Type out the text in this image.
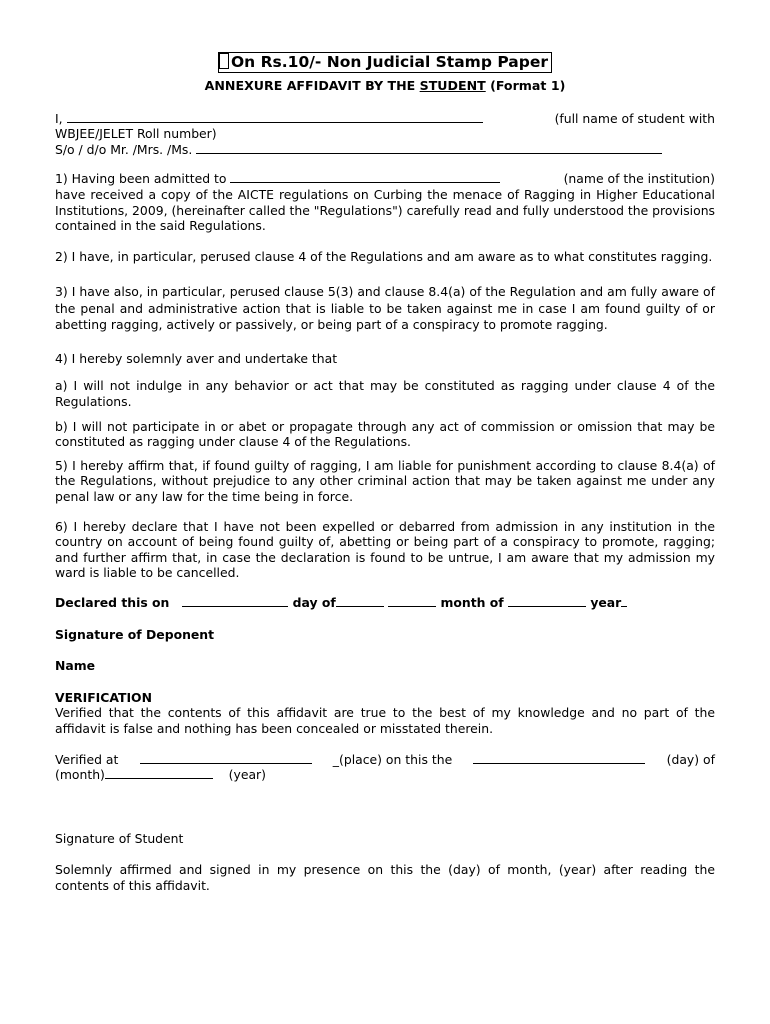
On Rs.10/- Non Judicial Stamp Paper
ANNEXURE AFFIDAVIT BY THE STUDENT (Format 1)
I,	(full name of student with

WBJEE/JELET Roll number)

S/o / d/o Mr. /Mrs. /Ms.

1) Having been admitted to	(name of the institution)

have received a copy of the AICTE regulations on Curbing the menace of Ragging in Higher Educational Institutions, 2009, (hereinafter called the "Regulations") carefully read and fully understood the provisions contained in the said Regulations.

2) I have, in particular, perused clause 4 of the Regulations and am aware as to what constitutes ragging.

3) I have also, in particular, perused clause 5(3) and clause 8.4(a) of the Regulation and am fully aware of the penal and administrative action that is liable to be taken against me in case I am found guilty of or abetting ragging, actively or passively, or being part of a conspiracy to promote ragging.

4) I hereby solemnly aver and undertake that

a) I will not indulge in any behavior or act that may be constituted as ragging under clause 4 of the Regulations.

b) I will not participate in or abet or propagate through any act of commission or omission that may be constituted as ragging under clause 4 of the Regulations.

5) I hereby affirm that, if found guilty of ragging, I am liable for punishment according to clause 8.4(a) of the Regulations, without prejudice to any other criminal action that may be taken against me under any penal law or any law for the time being in force.

6) I hereby declare that I have not been expelled or debarred from admission in any institution in the country on account of being found guilty of, abetting or being part of a conspiracy to promote, ragging; and further affirm that, in case the declaration is found to be untrue, I am aware that my admission my ward is liable to be cancelled.

Declared this on	day of	month of	year

Signature of Deponent

Name

VERIFICATION

Verified that the contents of this affidavit are true to the best of my knowledge and no part of the affidavit is false and nothing has been concealed or misstated therein.

Verified at	_(place) on this the	(day) of

(month)	(year)

Signature of Student

Solemnly affirmed and signed in my presence on this the (day) of month, (year) after reading the contents of this affidavit.
